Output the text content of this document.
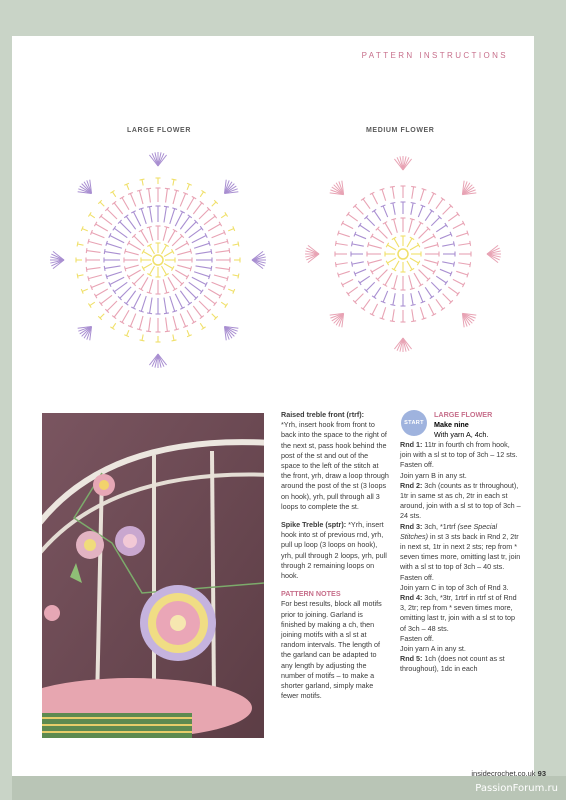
PATTERN INSTRUCTIONS
LARGE FLOWER	MEDIUM FLOWER

Raised treble front (rtrf):

*Yrh, insert hook from front to back into the space to the right of the next st, pass hook behind the post of the st and out of the space to the left of the stitch at the front, yrh, draw a loop through around the post of the st (3 loops on hook), yrh, pull through all 3 loops to complete the st.

Spike Treble (sptr): *Yrh, insert hook into st of previous rnd, yrh, pull up loop (3 loops on hook), yrh, pull through 2 loops, yrh, pull through 2 remaining loops on hook.

PATTERN NOTES

For best results, block all motifs prior to joining. Garland is finished by making a ch, then joining motifs with a sl st at random intervals. The length of the garland can be adapted to any length by adjusting the number of motifs – to make a shorter garland, simply make fewer motifs.

START

LARGE FLOWER

Make nine

With yarn A, 4ch.

Rnd 1: 11tr in fourth ch from hook, join with a sl st to top of 3ch – 12 sts.

Fasten off.

Join yarn B in any st.

Rnd 2: 3ch (counts as tr throughout), 1tr in same st as ch, 2tr in each st around, join with a sl st to top of 3ch – 24 sts.

Rnd 3: 3ch, *1rtrf (see Special Stitches) in st 3 sts back in Rnd 2, 2tr in next st, 1tr in next 2 sts; rep from * seven times more, omitting last tr, join with a sl st to top of 3ch – 40 sts.

Fasten off.

Join yarn C in top of 3ch of Rnd 3.

Rnd 4: 3ch, *3tr, 1rtrf in rtrf st of Rnd 3, 2tr; rep from * seven times more, omitting last tr, join with a sl st to top of 3ch – 48 sts.

Fasten off.

Join yarn A in any st.

Rnd 5: 1ch (does not count as st throughout), 1dc in each

insidecrochet.co.uk 93
PassionForum.ru
